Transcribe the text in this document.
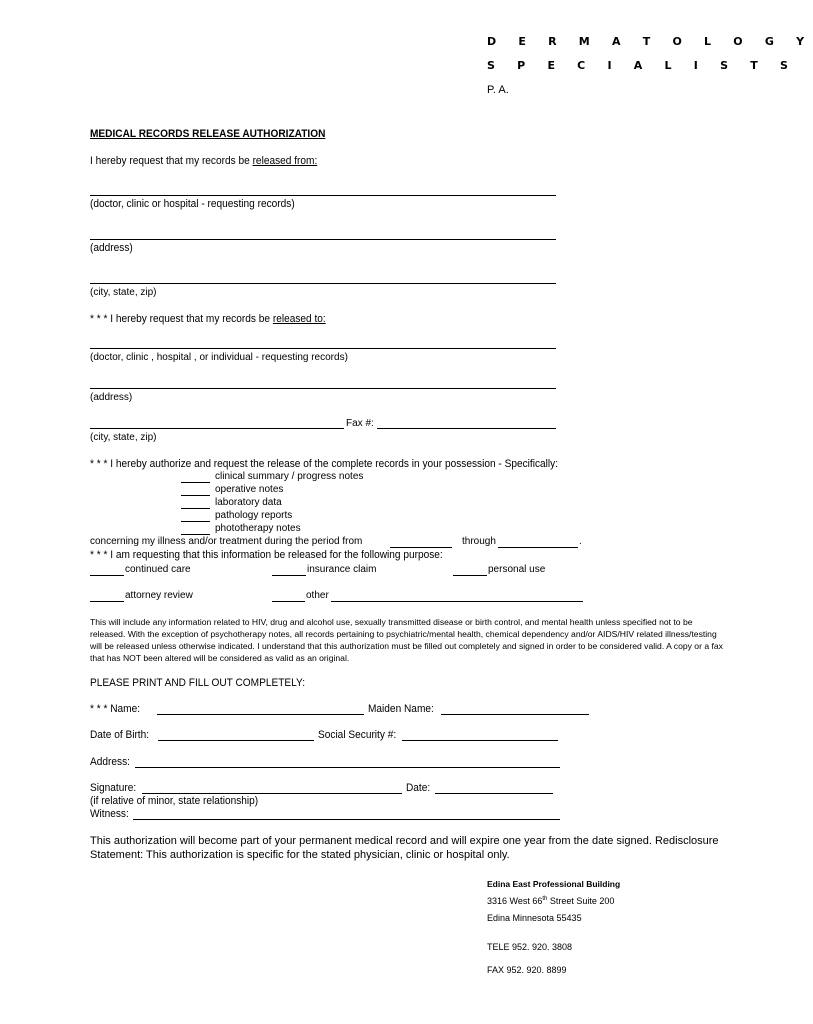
D E R M A T O L O G Y
S P E C I A L I S T S
P. A.
MEDICAL RECORDS RELEASE AUTHORIZATION
I hereby request that my records be released from:
(doctor, clinic or hospital - requesting records)
(address)
(city, state, zip)
* * * I hereby request that my records be released to:
(doctor, clinic , hospital , or individual - requesting records)
(address)
Fax #:
(city, state, zip)
* * * I hereby authorize and request the release of the complete records in your possession - Specifically:
clinical summary / progress notes
operative notes
laboratory data
pathology reports
phototherapy notes
concerning my illness and/or treatment during the period from	through	.
* * * I am requesting that this information be released for the following purpose:
continued care	insurance claim	personal use
attorney review	other
This will include any information related to HIV, drug and alcohol use, sexually transmitted disease or birth control, and mental health unless specified not to be released. With the exception of psychotherapy notes, all records pertaining to psychiatric/mental health, chemical dependency and/or AIDS/HIV related illness/testing will be released unless otherwise indicated. I understand that this authorization must be filled out completely and signed in order to be considered valid. A copy or a fax that has NOT been altered will be considered as valid as an original.
PLEASE PRINT AND FILL OUT COMPLETELY:
* * * Name:	Maiden Name:
Date of Birth:	Social Security #:
Address:
Signature:	Date:
(if relative of minor, state relationship)
Witness:
This authorization will become part of your permanent medical record and will expire one year from the date signed. Redisclosure Statement: This authorization is specific for the stated physician, clinic or hospital only.
Edina East Professional Building
3316 West 66th Street Suite 200
Edina Minnesota 55435
TELE 952. 920. 3808
FAX 952. 920. 8899
